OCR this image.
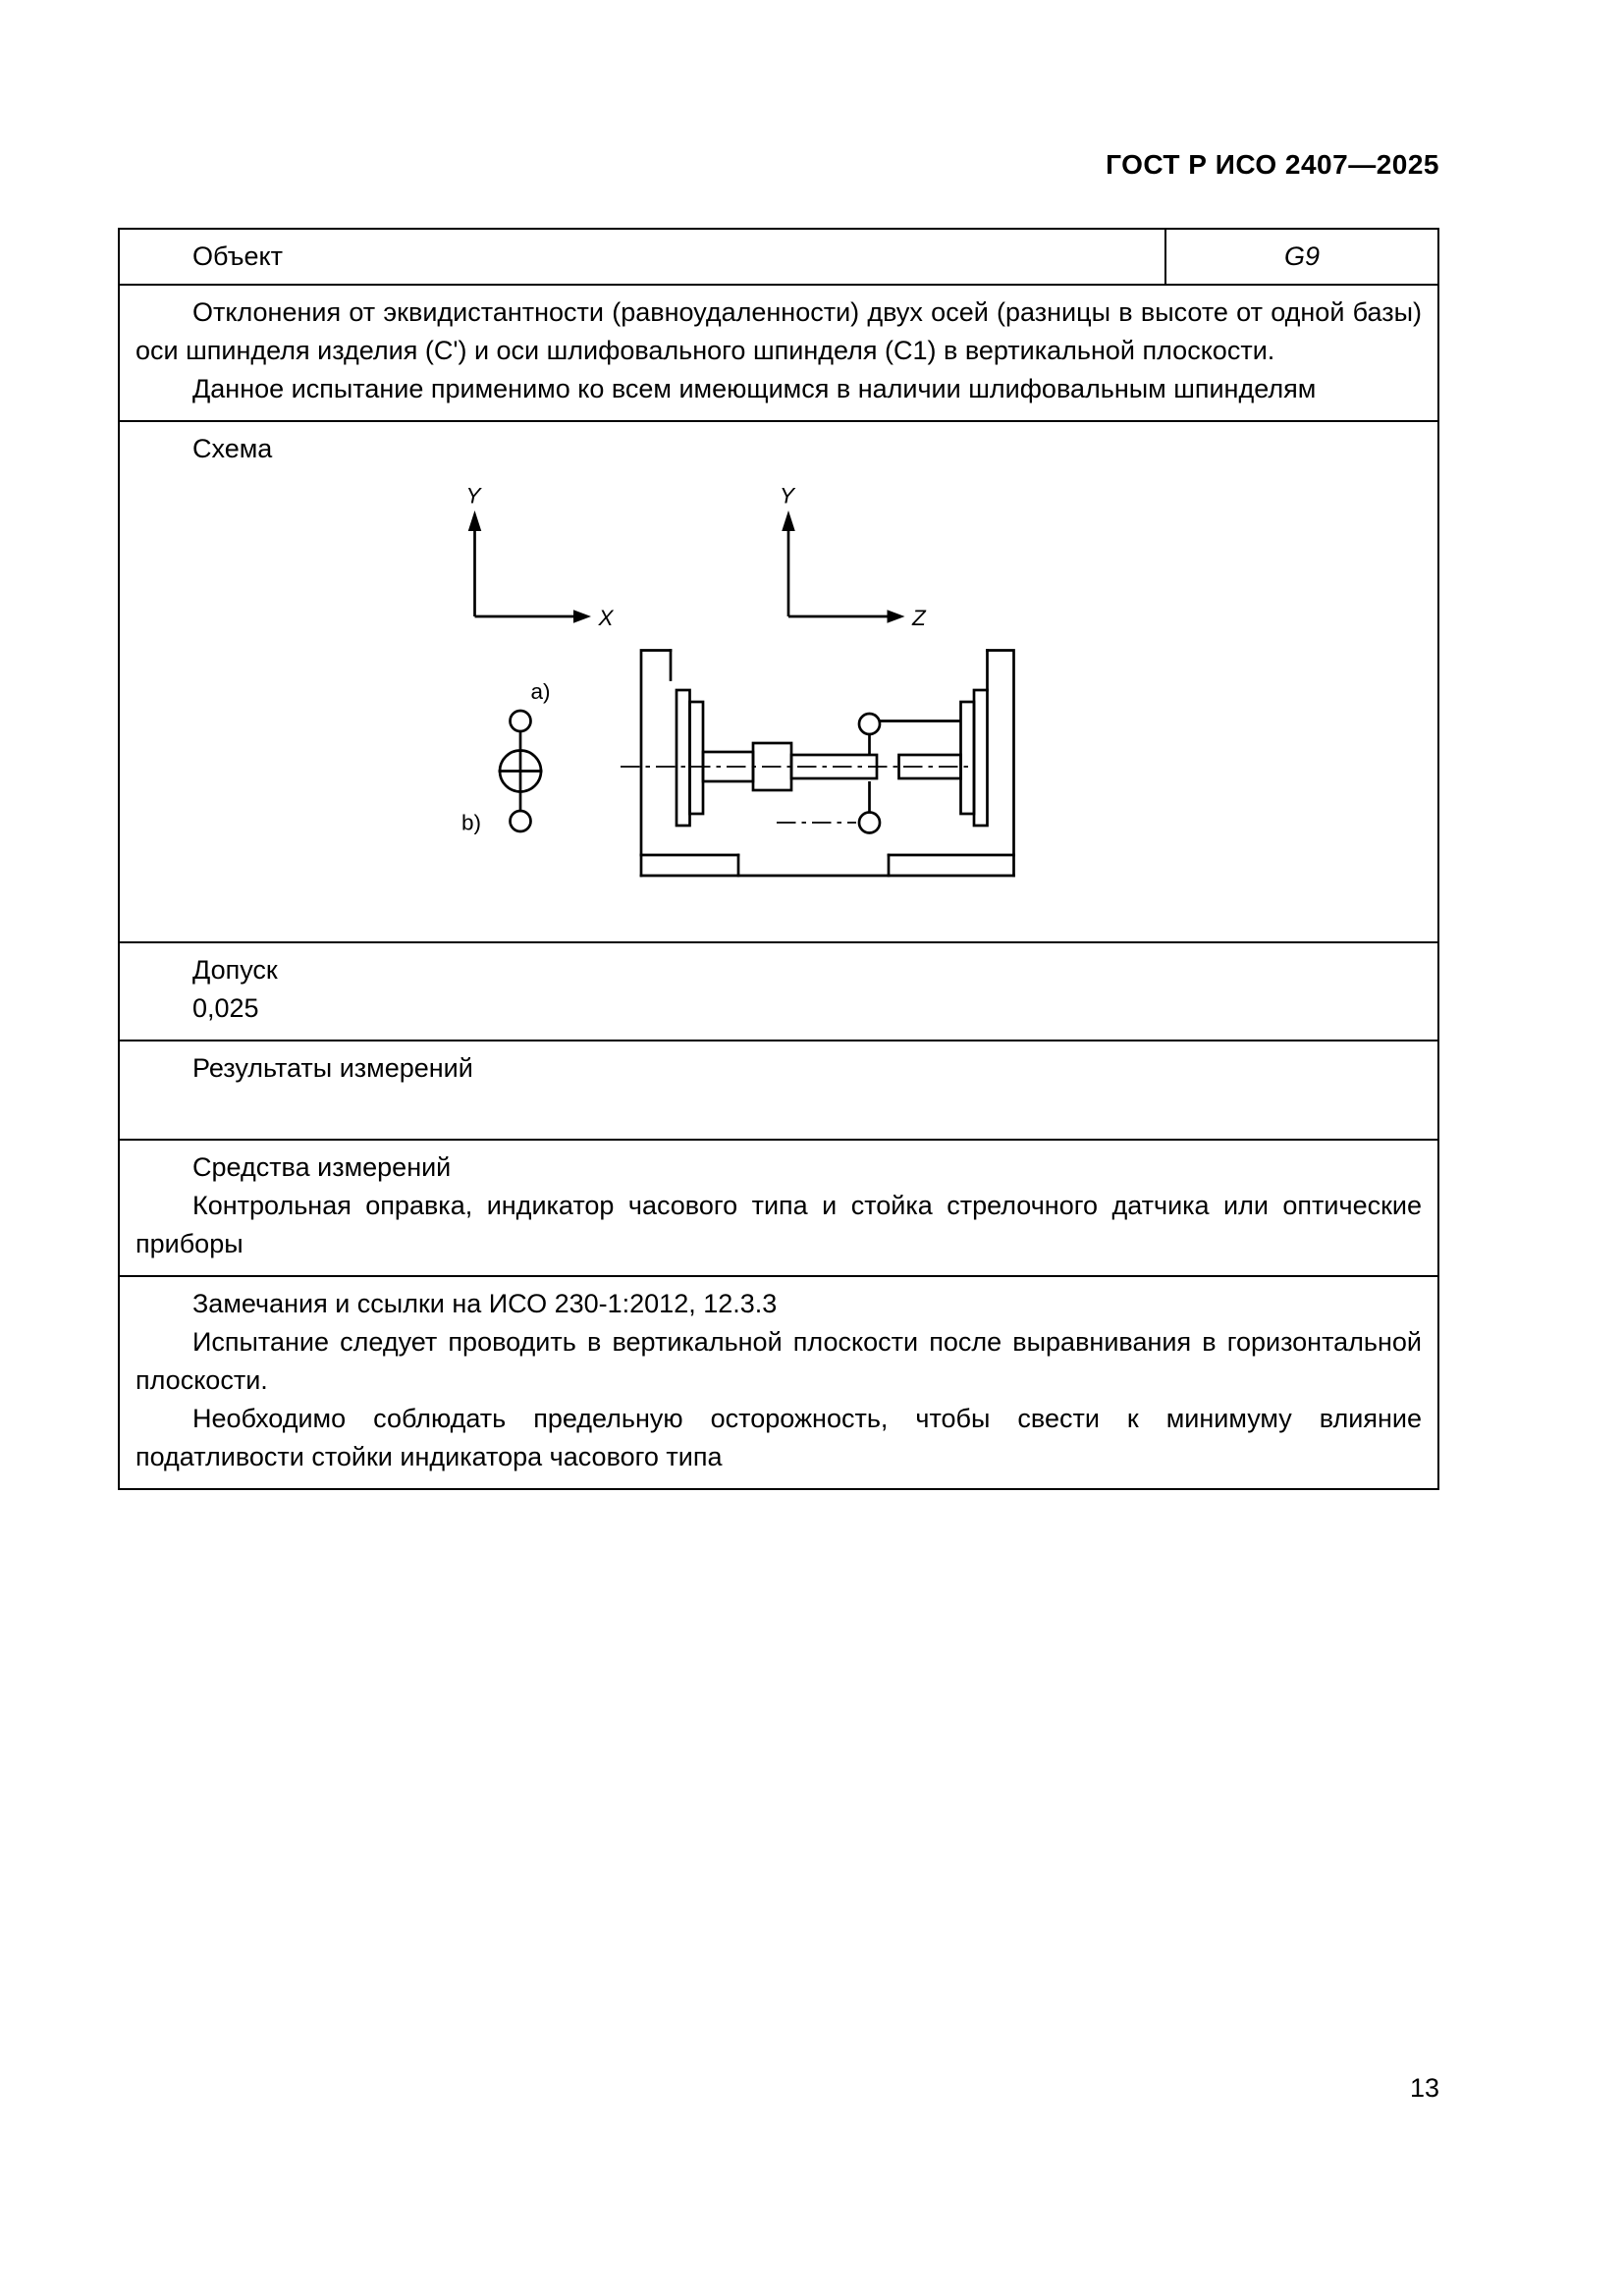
ГОСТ Р ИСО 2407—2025
Объект	G9

Отклонения от эквидистантности (равноудаленности) двух осей (разницы в высоте от одной базы) оси шпинделя изделия (C') и оси шлифовального шпинделя (C1) в вертикальной плоскости.

Данное испытание применимо ко всем имеющимся в наличии шлифовальным шпинделям

Схема

Y
X
Y
Z
a)
b)

Допуск

0,025

Результаты измерений

Средства измерений

Контрольная оправка, индикатор часового типа и стойка стрелочного датчика или оптические приборы

Замечания и ссылки на ИСО 230-1:2012, 12.3.3

Испытание следует проводить в вертикальной плоскости после выравнивания в горизонтальной плоскости.

Необходимо соблюдать предельную осторожность, чтобы свести к минимуму влияние податливости стойки индикатора часового типа

13
